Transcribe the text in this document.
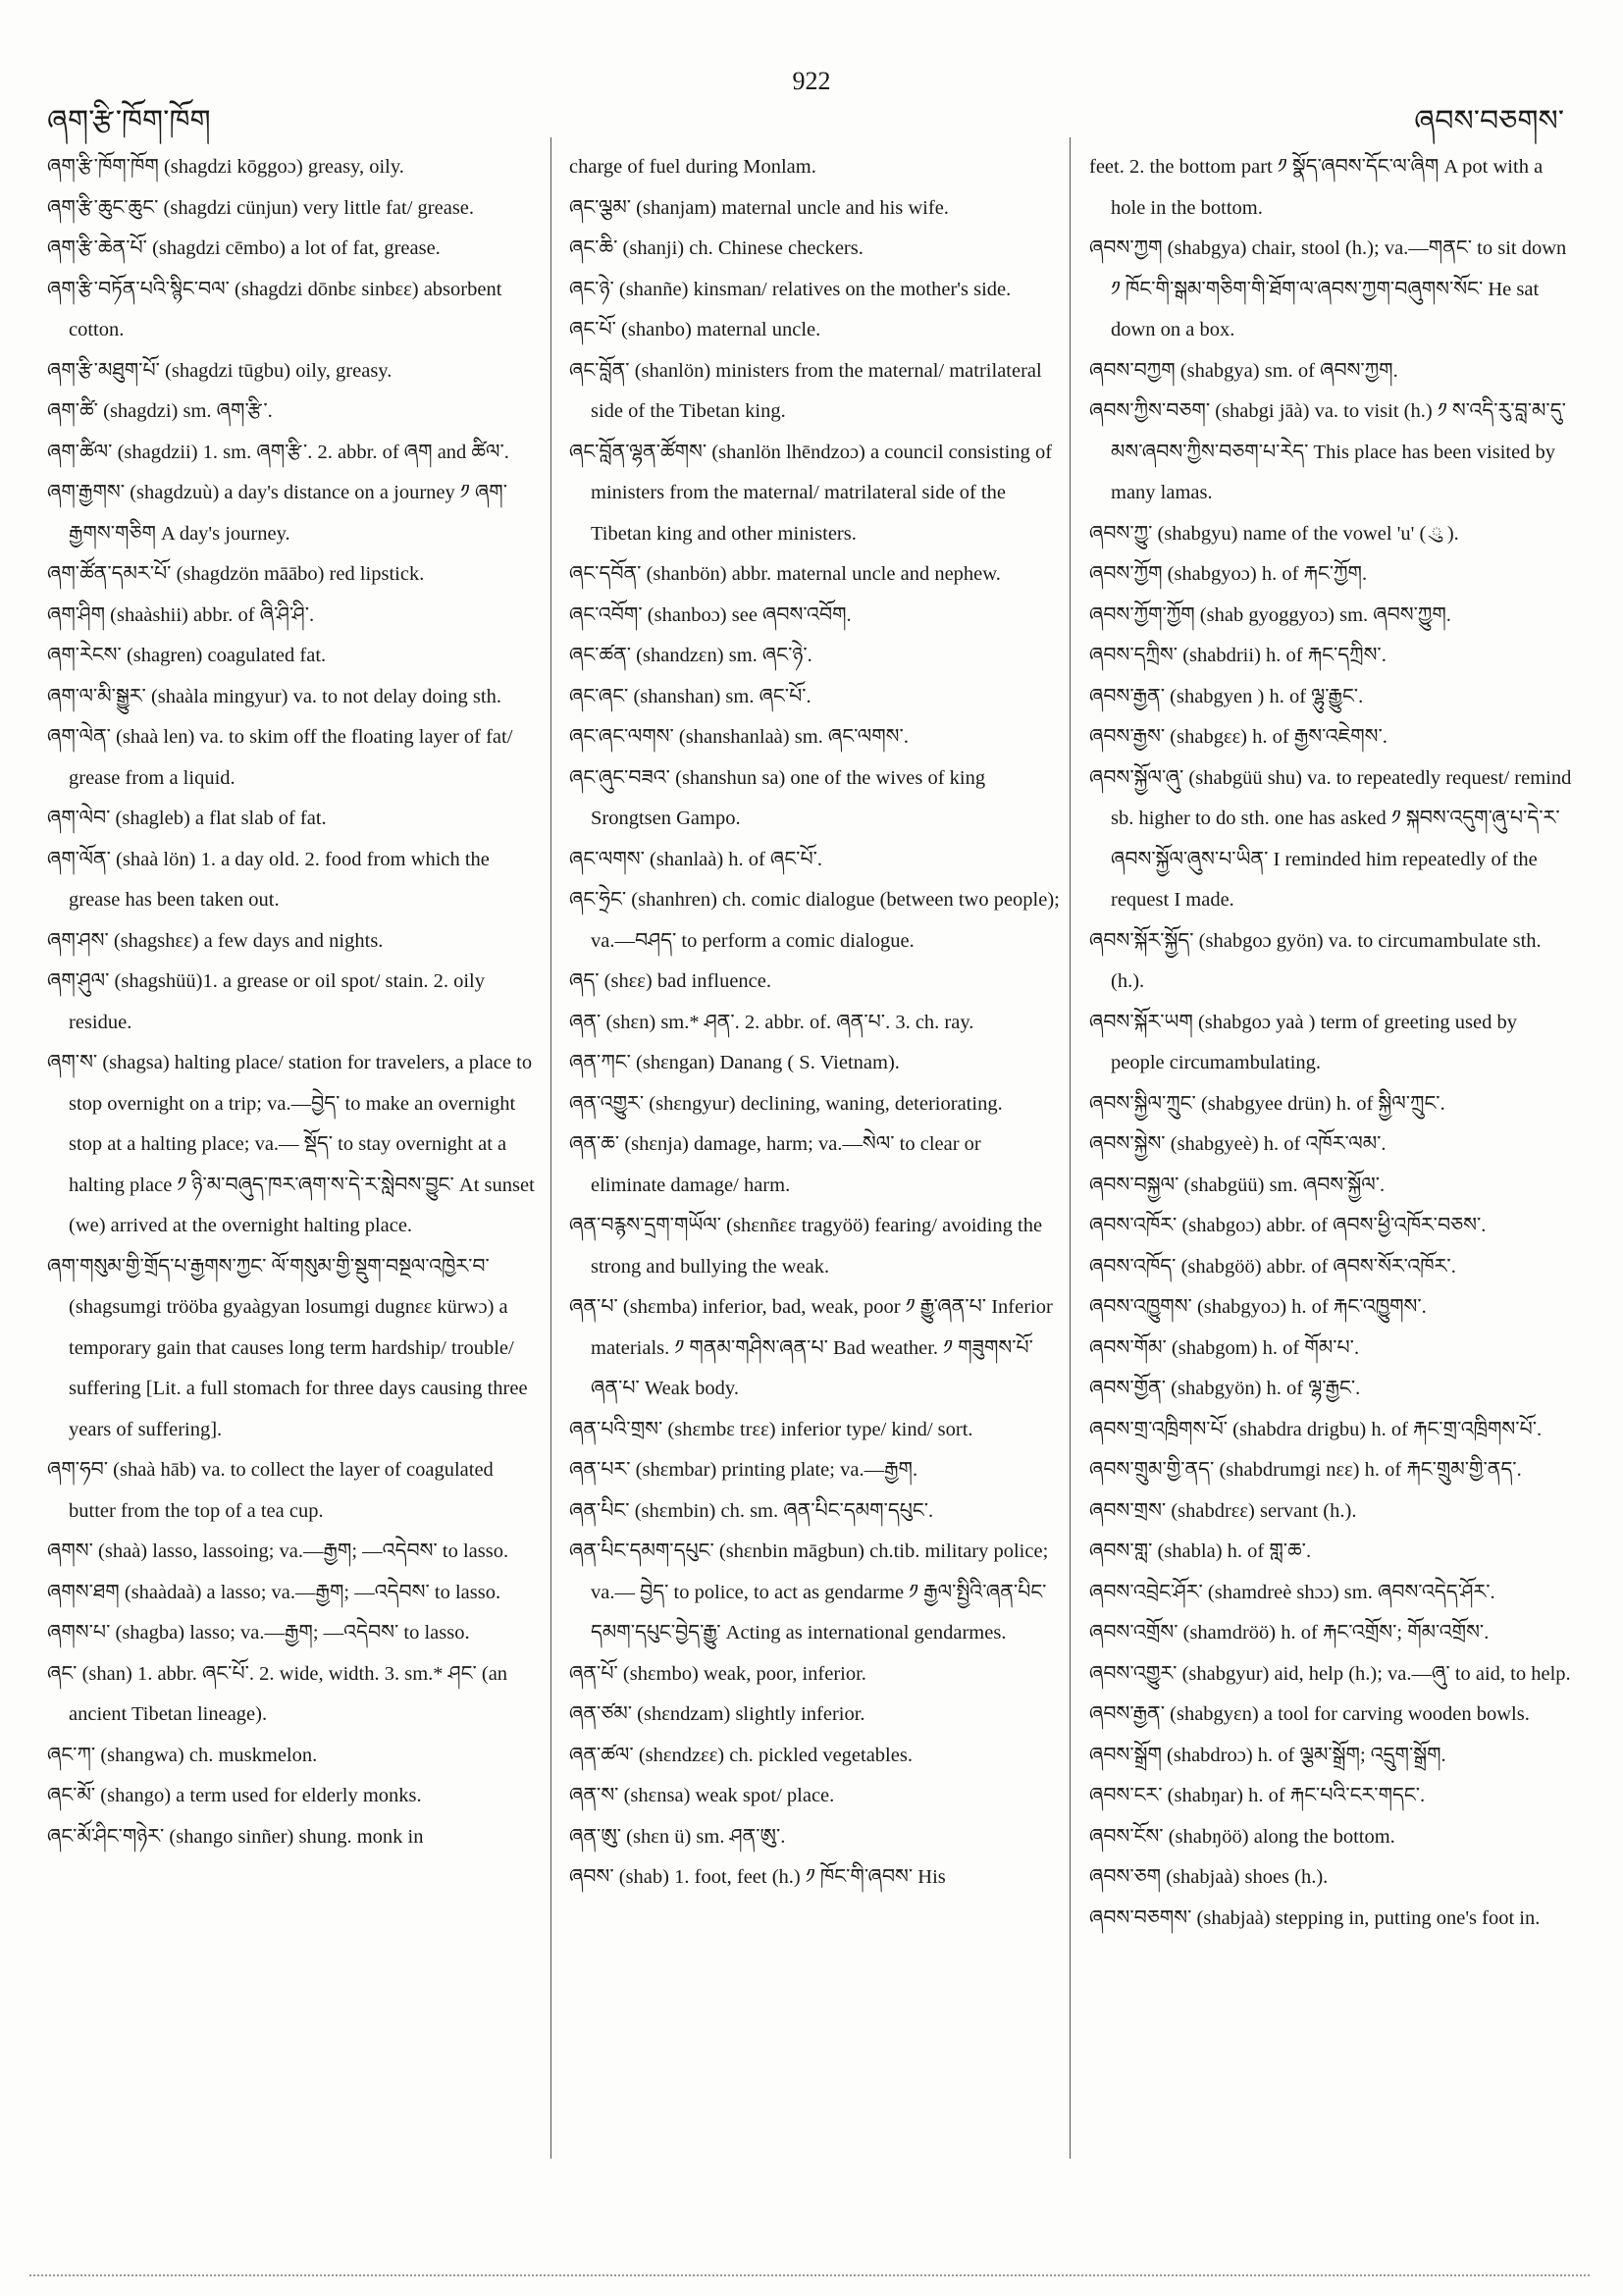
ཞག་རྩི་ཁོག་ཁོག
922
ཞབས་བཅགས་

ཞག་རྩི་ཁོག་ཁོག (shagdzi kōggoɔ) greasy, oily.

ཞག་རྩི་ཆུང་ཆུང་ (shagdzi cünjun) very little fat/ grease.

ཞག་རྩི་ཆེན་པོ་ (shagdzi cēmbo) a lot of fat, grease.

ཞག་རྩི་བཏོན་པའི་སྙིང་བལ་ (shagdzi dōnbɛ sinbɛɛ) absorbent cotton.

ཞག་རྩི་མཐུག་པོ་ (shagdzi tūgbu) oily, greasy.

ཞག་ཚི་ (shagdzi) sm. ཞག་རྩི་.

ཞག་ཚིལ་ (shagdzii) 1. sm. ཞག་རྩི་. 2. abbr. of ཞག and ཚིལ་.

ཞག་རྒྱགས་ (shagdzuù) a day's distance on a journey ༡ ཞག་རྒྱགས་གཅིག A day's journey.

ཞག་ཚོན་དམར་པོ་ (shagdzön māābo) red lipstick.

ཞག་ཤིག (shaàshii) abbr. of ཞི་ཤི་ཤི་.

ཞག་རེངས་ (shagren) coagulated fat.

ཞག་ལ་མི་སྒྱུར་ (shaàla mingyur) va. to not delay doing sth.

ཞག་ལེན་ (shaà len) va. to skim off the floating layer of fat/ grease from a liquid.

ཞག་ལེབ་ (shagleb) a flat slab of fat.

ཞག་ལོན་ (shaà lön) 1. a day old. 2. food from which the grease has been taken out.

ཞག་ཤས་ (shagshɛɛ) a few days and nights.

ཞག་ཤུལ་ (shagshüü)1. a grease or oil spot/ stain. 2. oily residue.

ཞག་ས་ (shagsa) halting place/ station for travelers, a place to stop overnight on a trip; va.—བྱེད་ to make an overnight stop at a halting place; va.— སྡོད་ to stay overnight at a halting place ༡ ཉི་མ་བཞུད་ཁར་ཞག་ས་དེ་ར་སླེབས་བྱུང་ At sunset (we) arrived at the overnight halting place.

ཞག་གསུམ་གྱི་གྲོད་པ་རྒྱགས་ཀྱང་ ལོ་གསུམ་གྱི་སྡུག་བསྔལ་འཁྱེར་བ་ (shagsumgi trööba gyaàgyan losumgi dugnɛɛ kürwɔ) a temporary gain that causes long term hardship/ trouble/ suffering [Lit. a full stomach for three days causing three years of suffering].

ཞག་ཧབ་ (shaà hāb) va. to collect the layer of coagulated butter from the top of a tea cup.

ཞགས་ (shaà) lasso, lassoing; va.—རྒྱག; —འདེབས་ to lasso.

ཞགས་ཐག (shaàdaà) a lasso; va.—རྒྱག; —འདེབས་ to lasso.

ཞགས་པ་ (shagba) lasso; va.—རྒྱག; —འདེབས་ to lasso.

ཞང་ (shan) 1. abbr. ཞང་པོ་. 2. wide, width. 3. sm.* ཤང་ (an ancient Tibetan lineage).

ཞང་ཀ་ (shangwa) ch. muskmelon.

ཞང་མོ་ (shango) a term used for elderly monks.

ཞང་མོ་ཤིང་གཉེར་ (shango sinñer) shung. monk in

charge of fuel during Monlam.

ཞང་ལྕམ་ (shanjam) maternal uncle and his wife.

ཞང་ཆི་ (shanji) ch. Chinese checkers.

ཞང་ཉེ་ (shanñe) kinsman/ relatives on the mother's side.

ཞང་པོ་ (shanbo) maternal uncle.

ཞང་བློན་ (shanlön) ministers from the maternal/ matrilateral side of the Tibetan king.

ཞང་བློན་ལྷན་ཚོགས་ (shanlön lhēndzoɔ) a council consisting of ministers from the maternal/ matrilateral side of the Tibetan king and other ministers.

ཞང་དབོན་ (shanbön) abbr. maternal uncle and nephew.

ཞང་འབོག་ (shanboɔ) see ཞབས་འབོག.

ཞང་ཚན་ (shandzɛn) sm. ཞང་ཉེ་.

ཞང་ཞང་ (shanshan) sm. ཞང་པོ་.

ཞང་ཞང་ལགས་ (shanshanlaà) sm. ཞང་ལགས་.

ཞང་ཞུང་བཟའ་ (shanshun sa) one of the wives of king Srongtsen Gampo.

ཞང་ལགས་ (shanlaà) h. of ཞང་པོ་.

ཞང་ཧྲེང་ (shanhren) ch. comic dialogue (between two people); va.—བཤད་ to perform a comic dialogue.

ཞད་ (shɛɛ) bad influence.

ཞན་ (shɛn) sm.* ཤན་. 2. abbr. of. ཞན་པ་. 3. ch. ray.

ཞན་ཀང་ (shɛngan) Danang ( S. Vietnam).

ཞན་འགྱུར་ (shɛngyur) declining, waning, deteriorating.

ཞན་ཆ་ (shɛnja) damage, harm; va.—སེལ་ to clear or eliminate damage/ harm.

ཞན་བརྙས་དྲག་གཡོལ་ (shɛnñɛɛ tragyöö) fearing/ avoiding the strong and bullying the weak.

ཞན་པ་ (shɛmba) inferior, bad, weak, poor ༡ རྒྱུ་ཞན་པ་ Inferior materials. ༡ གནམ་གཤིས་ཞན་པ་ Bad weather. ༡ གཟུགས་པོ་ཞན་པ་ Weak body.

ཞན་པའི་གྲས་ (shɛmbɛ trɛɛ) inferior type/ kind/ sort.

ཞན་པར་ (shɛmbar) printing plate; va.—རྒྱག.

ཞན་པིང་ (shɛmbin) ch. sm. ཞན་པིང་དམག་དཔུང་.

ཞན་པིང་དམག་དཔུང་ (shɛnbin māgbun) ch.tib. military police; va.— བྱེད་ to police, to act as gendarme ༡ རྒྱལ་སྤྱིའི་ཞན་པིང་དམག་དཔུང་བྱེད་རྒྱུ་ Acting as international gendarmes.

ཞན་པོ་ (shɛmbo) weak, poor, inferior.

ཞན་ཙམ་ (shɛndzam) slightly inferior.

ཞན་ཚལ་ (shɛndzɛɛ) ch. pickled vegetables.

ཞན་ས་ (shɛnsa) weak spot/ place.

ཞན་ཨུ་ (shɛn ü) sm. ཤན་ཨུ་.

ཞབས་ (shab) 1. foot, feet (h.) ༡ ཁོང་གི་ཞབས་ His

feet. 2. the bottom part ༡ སྣོད་ཞབས་དོང་ལ་ཞིག A pot with a hole in the bottom.

ཞབས་ཀྱག (shabgya) chair, stool (h.); va.—གནང་ to sit down ༡ ཁོང་གི་སྒམ་གཅིག་གི་ཐོག་ལ་ཞབས་ཀྱག་བཞུགས་སོང་ He sat down on a box.

ཞབས་བཀྱག (shabgya) sm. of ཞབས་ཀྱག.

ཞབས་ཀྱིས་བཅག་ (shabgi jāà) va. to visit (h.) ༡ ས་འདི་རུ་བླ་མ་དུ་མས་ཞབས་ཀྱིས་བཅག་པ་རེད་ This place has been visited by many lamas.

ཞབས་ཀྱུ་ (shabgyu) name of the vowel 'u' ( ུ ).

ཞབས་ཀྱོག (shabgyoɔ) h. of རྐང་ཀྱོག.

ཞབས་ཀྱོག་ཀྱོག (shab gyoggyoɔ) sm. ཞབས་ཀྱུག.

ཞབས་དཀྲིས་ (shabdrii) h. of རྐང་དཀྲིས་.

ཞབས་རྒྱན་ (shabgyen ) h. of ལྷུ་རྒྱུང་.

ཞབས་རྒྱས་ (shabgɛɛ) h. of རྒྱས་འཇེགས་.

ཞབས་སྐྱོལ་ཞུ་ (shabgüü shu) va. to repeatedly request/ remind sb. higher to do sth. one has asked ༡ སྐབས་འདུག་ཞུ་པ་དེ་ར་ཞབས་སྐྱོལ་ཞུས་པ་ཡིན་ I reminded him repeatedly of the request I made.

ཞབས་སྐོར་སྐྱོད་ (shabgoɔ gyön) va. to circumambulate sth. (h.).

ཞབས་སྐོར་ཡག (shabgoɔ yaà ) term of greeting used by people circumambulating.

ཞབས་སྐྱིལ་ཀྲུང་ (shabgyee drün) h. of སྐྱིལ་ཀྲུང་.

ཞབས་སྐྱེས་ (shabgyeè) h. of འཁོར་ལམ་.

ཞབས་བསྐྱལ་ (shabgüü) sm. ཞབས་སྐྱོལ་.

ཞབས་འཁོར་ (shabgoɔ) abbr. of ཞབས་ཕྱི་འཁོར་བཅས་.

ཞབས་འཁོད་ (shabgöö) abbr. of ཞབས་སོར་འཁོར་.

ཞབས་འཁྱུགས་ (shabgyoɔ) h. of རྐང་འཁྱུགས་.

ཞབས་གོམ་ (shabgom) h. of གོམ་པ་.

ཞབས་གྱོན་ (shabgyön) h. of ལྷ་རྒྱང་.

ཞབས་གྲ་འཁྲིགས་པོ་ (shabdra drigbu) h. of རྐང་གྲ་འཁྲིགས་པོ་.

ཞབས་གྲུམ་གྱི་ནད་ (shabdrumgi nɛɛ) h. of རྐང་གྲུམ་གྱི་ནད་.

ཞབས་གྲས་ (shabdrɛɛ) servant (h.).

ཞབས་གླ་ (shabla) h. of གླ་ཆ་.

ཞབས་འབྲེང་ཤོར་ (shamdreè shɔɔ) sm. ཞབས་འདེད་ཤོར་.

ཞབས་འགྲོས་ (shamdröö) h. of རྐང་འགྲོས་; གོམ་འགྲོས་.

ཞབས་འགྱུར་ (shabgyur) aid, help (h.); va.—ཞུ་ to aid, to help.

ཞབས་རྒྱན་ (shabgyɛn) a tool for carving wooden bowls.

ཞབས་སྒྲོག (shabdroɔ) h. of ལྕམ་སྒྲོག; འདྲུག་སྒྲོག.

ཞབས་ངར་ (shabŋar) h. of རྐང་པའི་ངར་གདང་.

ཞབས་ངོས་ (shabŋöö) along the bottom.

ཞབས་ཅག (shabjaà) shoes (h.).

ཞབས་བཅགས་ (shabjaà) stepping in, putting one's foot in.
